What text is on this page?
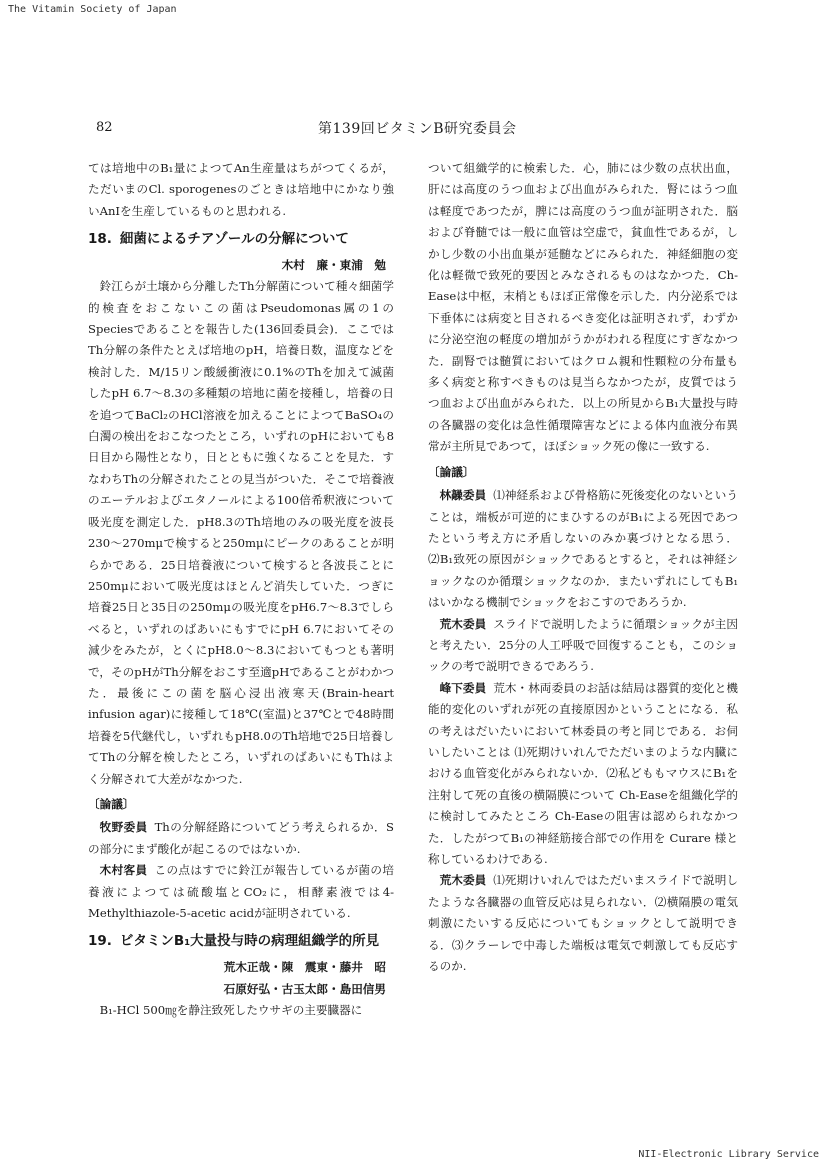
The Vitamin Society of Japan
NII-Electronic Library Service
82	第139回ビタミンB研究委員会

ては培地中のB₁量によつてAn生産量はちがつてくるが，ただいまのCl. sporogenesのごときは培地中にかなり強いAnⅠを生産しているものと思われる.

18. 細菌によるチアゾールの分解について
木村　廉・東浦　勉

鈴江らが土壌から分離したTh分解菌について種々細菌学的検査をおこないこの菌はPseudomonas属の1のSpeciesであることを報告した(136回委員会)．ここではTh分解の条件たとえば培地のpH，培養日数，温度などを検討した．M/15リン酸緩衝液に0.1%のThを加えて滅菌したpH 6.7～8.3の多種類の培地に菌を接種し，培養の日を追つてBaCl₂のHCl溶液を加えることによつてBaSO₄の白濁の検出をおこなつたところ，いずれのpHにおいても8日目から陽性となり，日とともに強くなることを見た．すなわちThの分解されたことの見当がついた．そこで培養液のエーテルおよびエタノールによる100倍希釈液について吸光度を測定した．pH8.3のTh培地のみの吸光度を波長230～270mμで検すると250mμにピークのあることが明らかである．25日培養液について検すると各波長ことに250mμにおいて吸光度はほとんど消失していた．つぎに培養25日と35日の250mμの吸光度をpH6.7～8.3でしらべると，いずれのばあいにもすでにpH 6.7においてその減少をみたが，とくにpH8.0～8.3においてもつとも著明で，そのpHがTh分解をおこす至適pHであることがわかつた．最後にこの菌を脳心浸出液寒天(Brain-heart infusion agar)に接種して18℃(室温)と37℃とで48時間培養を5代継代し，いずれもpH8.0のTh培地で25日培養してThの分解を検したところ，いずれのばあいにもThはよく分解されて大差がなかつた.

〔論議〕

牧野委員 Thの分解経路についてどう考えられるか．Sの部分にまず酸化が起こるのではないか.

木村客員 この点はすでに鈴江が報告しているが菌の培養液によつては硫酸塩とCO₂に，相酵素液では4-Methylthiazole-5-acetic acidが証明されている.

19. ビタミンB₁大量投与時の病理組織学的所見
荒木正哉・陳　震東・藤井　昭
石原好弘・古玉太郎・島田信男

B₁-HCl 500㎎を静注致死したウサギの主要臓器に

ついて組織学的に検索した．心，肺には少数の点状出血，肝には高度のうつ血および出血がみられた．腎にはうつ血は軽度であつたが，脾には高度のうつ血が証明された．脳および脊髄では一般に血管は空虚で，貧血性であるが，しかし少数の小出血巣が延髄などにみられた．神経細胞の変化は軽微で致死的要因とみなされるものはなかつた．Ch-Easeは中枢，末梢ともほぼ正常像を示した．内分泌系では下垂体には病変と目されるべき変化は証明されず，わずかに分泌空泡の軽度の増加がうかがわれる程度にすぎなかつた．副腎では髄質においてはクロム親和性顆粒の分布量も多く病変と称すべきものは見当らなかつたが，皮質ではうつ血および出血がみられた．以上の所見からB₁大量投与時の各臓器の変化は急性循環障害などによる体内血液分布異常が主所見であつて，ほぼショック死の像に一致する.

〔論議〕

林髞委員 ⑴神経系および骨格筋に死後変化のないということは，端板が可逆的にまひするのがB₁による死因であつたという考え方に矛盾しないのみか裏づけとなる思う．⑵B₁致死の原因がショックであるとすると，それは神経ショックなのか循環ショックなのか．またいずれにしてもB₁はいかなる機制でショックをおこすのであろうか.

荒木委員 スライドで説明したように循環ショックが主因と考えたい．25分の人工呼吸で回復することも，このショックの考で説明できるであろう.

峰下委員 荒木・林両委員のお話は結局は器質的変化と機能的変化のいずれが死の直接原因かということになる．私の考えはだいたいにおいて林委員の考と同じである．お伺いしたいことは ⑴死期けいれんでただいまのような内臓における血管変化がみられないか．⑵私どももマウスにB₁を注射して死の直後の横隔膜について Ch-Easeを組織化学的に検討してみたところ Ch-Easeの阻害は認められなかつた．したがつてB₁の神経筋接合部での作用を Curare 様と称しているわけである.

荒木委員 ⑴死期けいれんではただいまスライドで説明したような各臓器の血管反応は見られない．⑵横隔膜の電気刺激にたいする反応についてもショックとして説明できる．⑶クラーレで中毒した端板は電気で刺激しても反応するのか.
